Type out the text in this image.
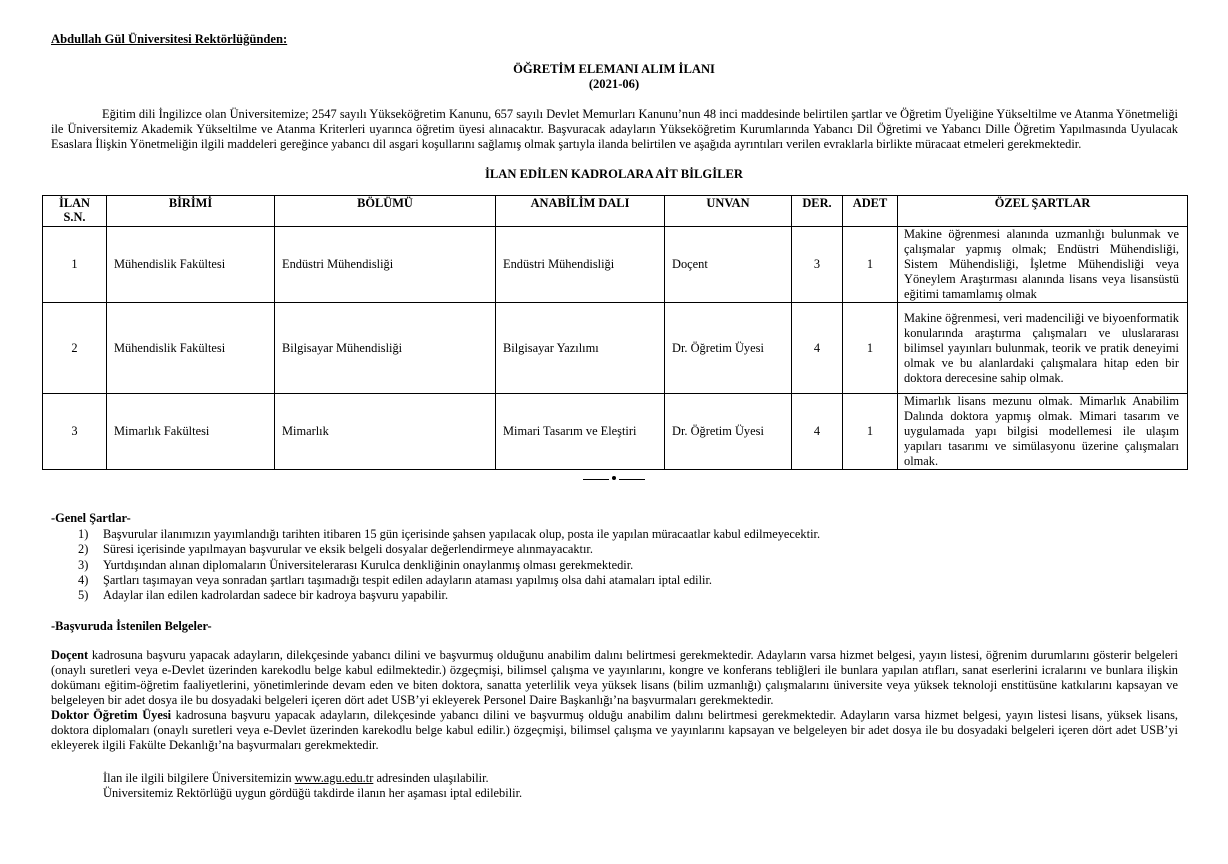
Abdullah Gül Üniversitesi Rektörlüğünden:
ÖĞRETİM ELEMANI ALIM İLANI
(2021-06)

Eğitim dili İngilizce olan Üniversitemize; 2547 sayılı Yükseköğretim Kanunu, 657 sayılı Devlet Memurları Kanunu’nun 48 inci maddesinde belirtilen şartlar ve Öğretim Üyeliğine Yükseltilme ve Atanma Yönetmeliği ile Üniversitemiz Akademik Yükseltilme ve Atanma Kriterleri uyarınca öğretim üyesi alınacaktır. Başvuracak adayların Yükseköğretim Kurumlarında Yabancı Dil Öğretimi ve Yabancı Dille Öğretim Yapılmasında Uyulacak Esaslara İlişkin Yönetmeliğin ilgili maddeleri gereğince yabancı dil asgari koşullarını sağlamış olmak şartıyla ilanda belirtilen ve aşağıda ayrıntıları verilen evraklarla birlikte müracaat etmeleri gerekmektedir.

İLAN EDİLEN KADROLARA AİT BİLGİLER
İLAN
S.N.	BİRİMİ	BÖLÜMÜ	ANABİLİM DALI	UNVAN	DER.	ADET	ÖZEL ŞARTLAR
1	Mühendislik Fakültesi	Endüstri Mühendisliği	Endüstri Mühendisliği	Doçent	3	1	Makine öğrenmesi alanında uzmanlığı bulunmak ve çalışmalar yapmış olmak; Endüstri Mühendisliği, Sistem Mühendisliği, İşletme Mühendisliği veya Yöneylem Araştırması alanında lisans veya lisansüstü eğitimi tamamlamış olmak
2	Mühendislik Fakültesi	Bilgisayar Mühendisliği	Bilgisayar Yazılımı	Dr. Öğretim Üyesi	4	1	Makine öğrenmesi, veri madenciliği ve biyoenformatik konularında araştırma çalışmaları ve uluslararası bilimsel yayınları bulunmak, teorik ve pratik deneyimi olmak ve bu alanlardaki çalışmalara hitap eden bir doktora derecesine sahip olmak.
3	Mimarlık Fakültesi	Mimarlık	Mimari Tasarım ve Eleştiri	Dr. Öğretim Üyesi	4	1	Mimarlık lisans mezunu olmak. Mimarlık Anabilim Dalında doktora yapmış olmak. Mimari tasarım ve uygulamada yapı bilgisi modellemesi ile ulaşım yapıları tasarımı ve simülasyonu üzerine çalışmaları olmak.
-Genel Şartlar-
1) Başvurular ilanımızın yayımlandığı tarihten itibaren 15 gün içerisinde şahsen yapılacak olup, posta ile yapılan müracaatlar kabul edilmeyecektir.
2) Süresi içerisinde yapılmayan başvurular ve eksik belgeli dosyalar değerlendirmeye alınmayacaktır.
3) Yurtdışından alınan diplomaların Üniversitelerarası Kurulca denkliğinin onaylanmış olması gerekmektedir.
4) Şartları taşımayan veya sonradan şartları taşımadığı tespit edilen adayların ataması yapılmış olsa dahi atamaları iptal edilir.
5) Adaylar ilan edilen kadrolardan sadece bir kadroya başvuru yapabilir.
-Başvuruda İstenilen Belgeler-

Doçent kadrosuna başvuru yapacak adayların, dilekçesinde yabancı dilini ve başvurmuş olduğunu anabilim dalını belirtmesi gerekmektedir. Adayların varsa hizmet belgesi, yayın listesi, öğrenim durumlarını gösterir belgeleri (onaylı suretleri veya e-Devlet üzerinden karekodlu belge kabul edilmektedir.) özgeçmişi, bilimsel çalışma ve yayınlarını, kongre ve konferans tebliğleri ile bunlara yapılan atıfları, sanat eserlerini icralarını ve bunlara ilişkin dokümanı eğitim-öğretim faaliyetlerini, yönetimlerinde devam eden ve biten doktora, sanatta yeterlilik veya yüksek lisans (bilim uzmanlığı) çalışmalarını üniversite veya yüksek teknoloji enstitüsüne katkılarını kapsayan ve belgeleyen bir adet dosya ile bu dosyadaki belgeleri içeren dört adet USB’yi ekleyerek Personel Daire Başkanlığı’na başvurmaları gerekmektedir.

Doktor Öğretim Üyesi kadrosuna başvuru yapacak adayların, dilekçesinde yabancı dilini ve başvurmuş olduğu anabilim dalını belirtmesi gerekmektedir. Adayların varsa hizmet belgesi, yayın listesi lisans, yüksek lisans, doktora diplomaları (onaylı suretleri veya e-Devlet üzerinden karekodlu belge kabul edilir.) özgeçmişi, bilimsel çalışma ve yayınlarını kapsayan ve belgeleyen bir adet dosya ile bu dosyadaki belgeleri içeren dört adet USB’yi ekleyerek ilgili Fakülte Dekanlığı’na başvurmaları gerekmektedir.

İlan ile ilgili bilgilere Üniversitemizin www.agu.edu.tr adresinden ulaşılabilir.

Üniversitemiz Rektörlüğü uygun gördüğü takdirde ilanın her aşaması iptal edilebilir.
